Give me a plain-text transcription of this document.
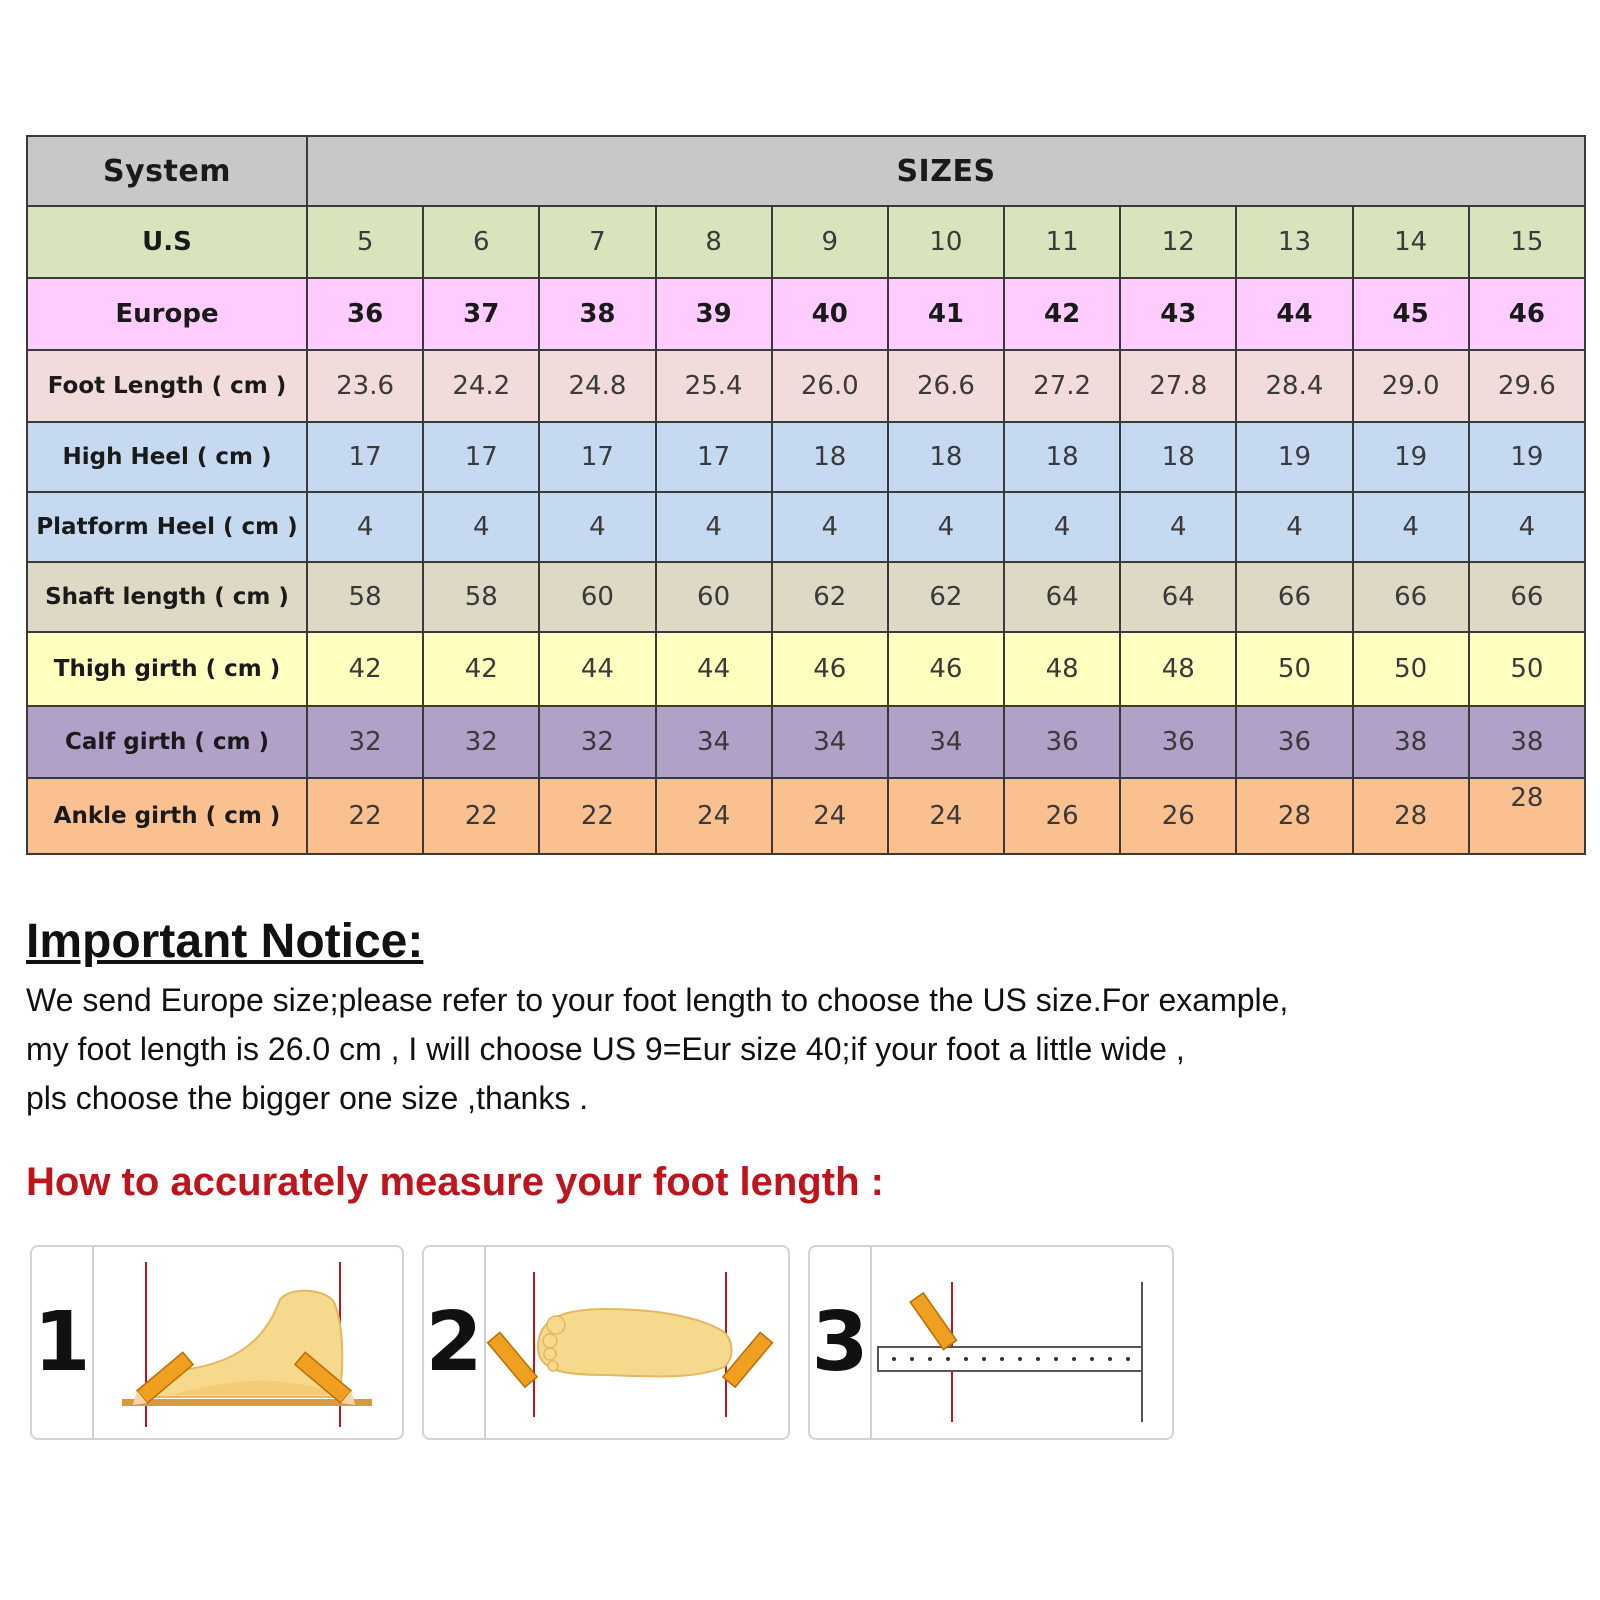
System	SIZES										
U.S	5	6	7	8	9	10	11	12	13	14	15
Europe	36	37	38	39	40	41	42	43	44	45	46
Foot Length ( cm )	23.6	24.2	24.8	25.4	26.0	26.6	27.2	27.8	28.4	29.0	29.6
High Heel ( cm )	17	17	17	17	18	18	18	18	19	19	19
Platform Heel ( cm )	4	4	4	4	4	4	4	4	4	4	4
Shaft length ( cm )	58	58	60	60	62	62	64	64	66	66	66
Thigh girth ( cm )	42	42	44	44	46	46	48	48	50	50	50
Calf girth ( cm )	32	32	32	34	34	34	36	36	36	38	38
Ankle girth ( cm )	22	22	22	24	24	24	26	26	28	28	28
Important Notice:
We send Europe size;please refer to your foot length to choose the US size.For example,
my foot length is 26.0 cm , I will choose US 9=Eur size 40;if your foot a little wide ,
pls choose the bigger one size ,thanks .
How to accurately measure your foot length :
1	2	3
